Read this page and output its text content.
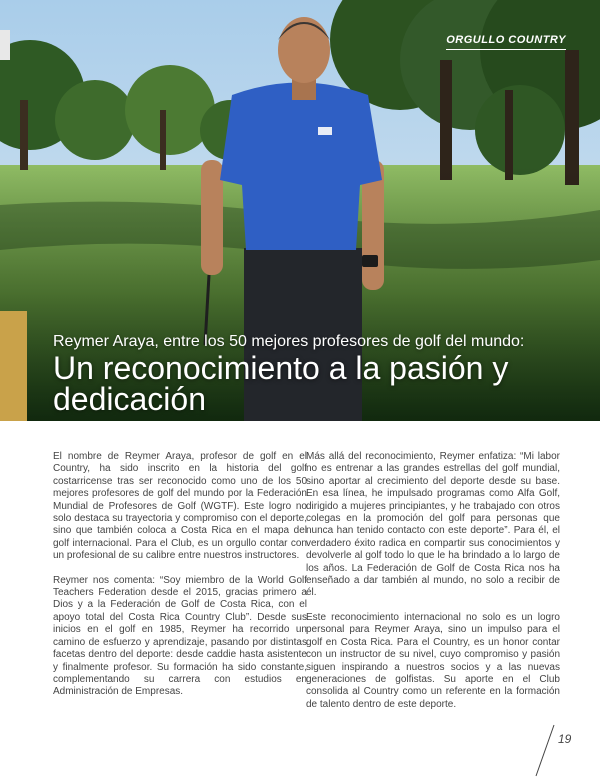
ORGULLO COUNTRY
Reymer Araya, entre los 50 mejores profesores de golf del mundo:
Un reconocimiento a la pasión y dedicación

El nombre de Reymer Araya, profesor de golf en el Country, ha sido inscrito en la historia del golf costarricense tras ser reconocido como uno de los 50 mejores profesores de golf del mundo por la Federación Mundial de Profesores de Golf (WGTF). Este logro no solo destaca su trayectoria y compromiso con el deporte, sino que también coloca a Costa Rica en el mapa del golf internacional. Para el Club, es un orgullo contar con un profesional de su calibre entre nuestros instructores.

Reymer nos comenta: “Soy miembro de la World Golf Teachers Federation desde el 2015, gracias primero a Dios y a la Federación de Golf de Costa Rica, con el apoyo total del Costa Rica Country Club”. Desde sus inicios en el golf en 1985, Reymer ha recorrido un camino de esfuerzo y aprendizaje, pasando por distintas facetas dentro del deporte: desde caddie hasta asistente y finalmente profesor. Su formación ha sido constante, complementando su carrera con estudios en Administración de Empresas.

Más allá del reconocimiento, Reymer enfatiza: “Mi labor no es entrenar a las grandes estrellas del golf mundial, sino aportar al crecimiento del deporte desde su base. En esa línea, he impulsado programas como Alfa Golf, dirigido a mujeres principiantes, y he trabajado con otros colegas en la promoción del golf para personas que nunca han tenido contacto con este deporte”. Para él, el verdadero éxito radica en compartir sus conocimientos y devolverle al golf todo lo que le ha brindado a lo largo de los años. La Federación de Golf de Costa Rica nos ha enseñado a dar también al mundo, no solo a recibir de él.

Este reconocimiento internacional no solo es un logro personal para Reymer Araya, sino un impulso para el golf en Costa Rica. Para el Country, es un honor contar con un instructor de su nivel, cuyo compromiso y pasión siguen inspirando a nuestros socios y a las nuevas generaciones de golfistas. Su aporte en el Club consolida al Country como un referente en la formación de talento dentro de este deporte.

19
